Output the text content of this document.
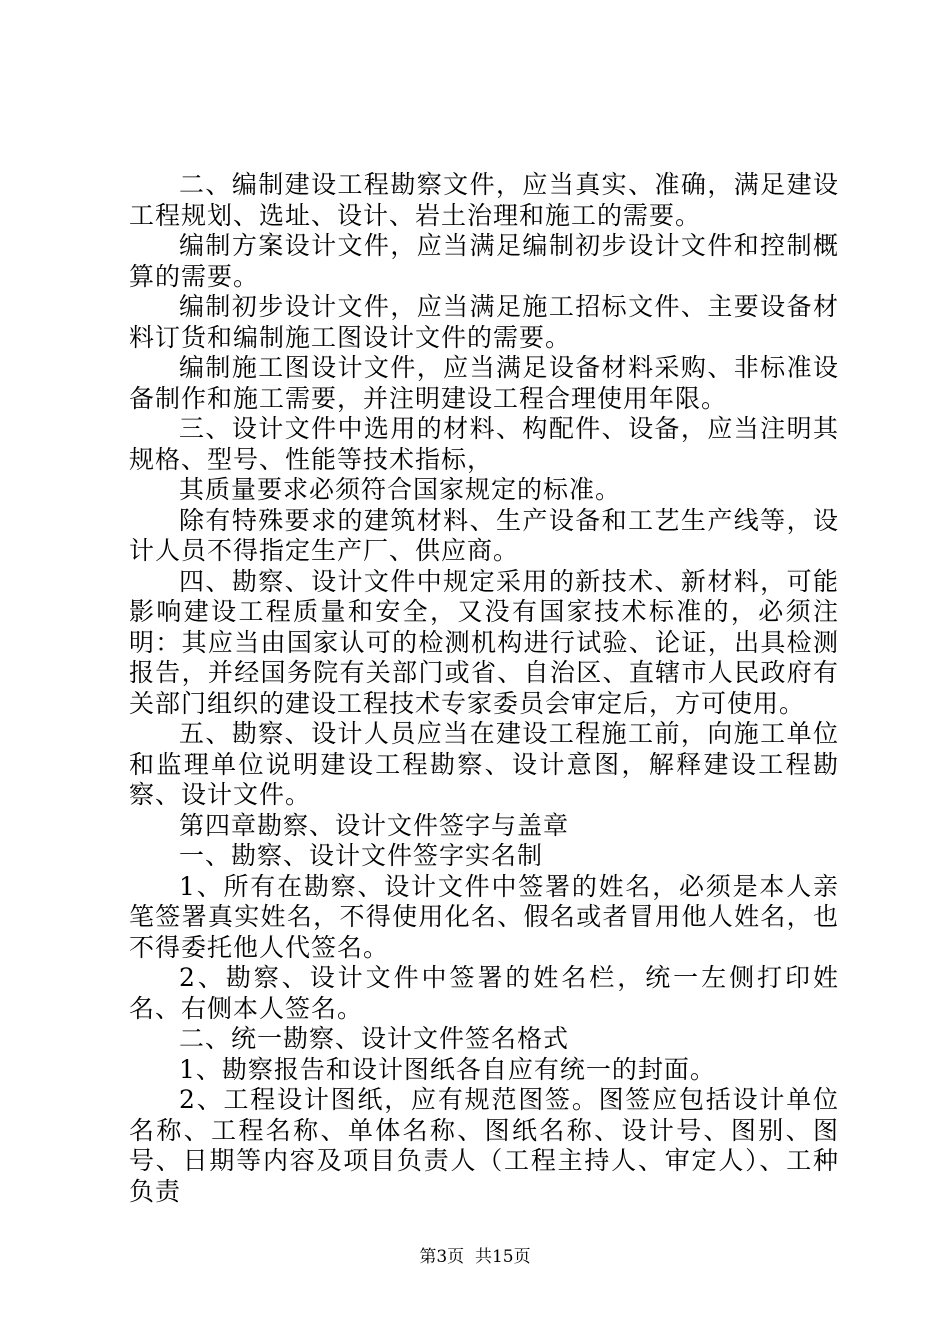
二、编制建设工程勘察文件，应当真实、准确，满足建设工程规划、选址、设计、岩土治理和施工的需要。

编制方案设计文件，应当满足编制初步设计文件和控制概算的需要。

编制初步设计文件，应当满足施工招标文件、主要设备材料订货和编制施工图设计文件的需要。

编制施工图设计文件，应当满足设备材料采购、非标准设备制作和施工需要，并注明建设工程合理使用年限。

三、设计文件中选用的材料、构配件、设备，应当注明其规格、型号、性能等技术指标，

其质量要求必须符合国家规定的标准。

除有特殊要求的建筑材料、生产设备和工艺生产线等，设计人员不得指定生产厂、供应商。

四、勘察、设计文件中规定采用的新技术、新材料，可能影响建设工程质量和安全，又没有国家技术标准的，必须注明：其应当由国家认可的检测机构进行试验、论证，出具检测报告，并经国务院有关部门或省、自治区、直辖市人民政府有关部门组织的建设工程技术专家委员会审定后，方可使用。

五、勘察、设计人员应当在建设工程施工前，向施工单位和监理单位说明建设工程勘察、设计意图，解释建设工程勘察、设计文件。

第四章勘察、设计文件签字与盖章

一、勘察、设计文件签字实名制

1、所有在勘察、设计文件中签署的姓名，必须是本人亲笔签署真实姓名，不得使用化名、假名或者冒用他人姓名，也不得委托他人代签名。

2、勘察、设计文件中签署的姓名栏，统一左侧打印姓名、右侧本人签名。

二、统一勘察、设计文件签名格式

1、勘察报告和设计图纸各自应有统一的封面。

2、工程设计图纸，应有规范图签。图签应包括设计单位名称、工程名称、单体名称、图纸名称、设计号、图别、图号、日期等内容及项目负责人（工程主持人、审定人）、工种负责

第3页  共15页
